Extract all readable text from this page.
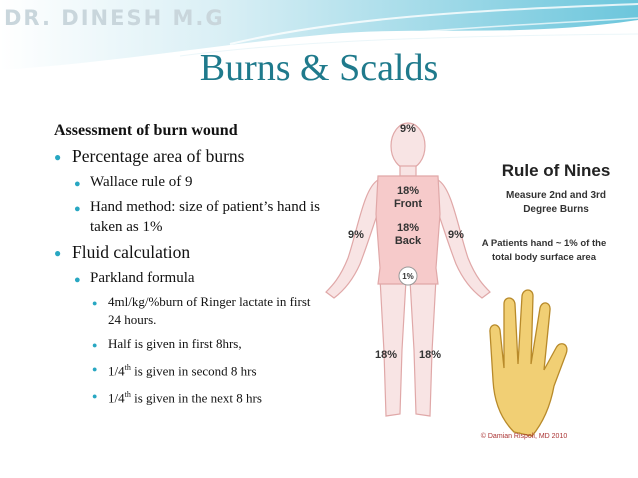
DR. DINESH M.G
Burns & Scalds
Assessment of burn wound
● Percentage area of burns
● Wallace rule of 9
● Hand method: size of patient’s hand is taken as 1%
● Fluid calculation
● Parkland formula
● 4ml/kg/%burn of Ringer lactate in first 24 hours.
● Half is given in first 8hrs,
● 1/4th is given in second 8 hrs
● 1/4th is given in the next 8 hrs
9%
18%
Front
18%
Back
9%	9%
1%
18% 18%
Rule of Nines
Measure 2nd and 3rd
Degree Burns
A Patients hand ~ 1% of the
total body surface area
© Damian Rispoli, MD 2010
